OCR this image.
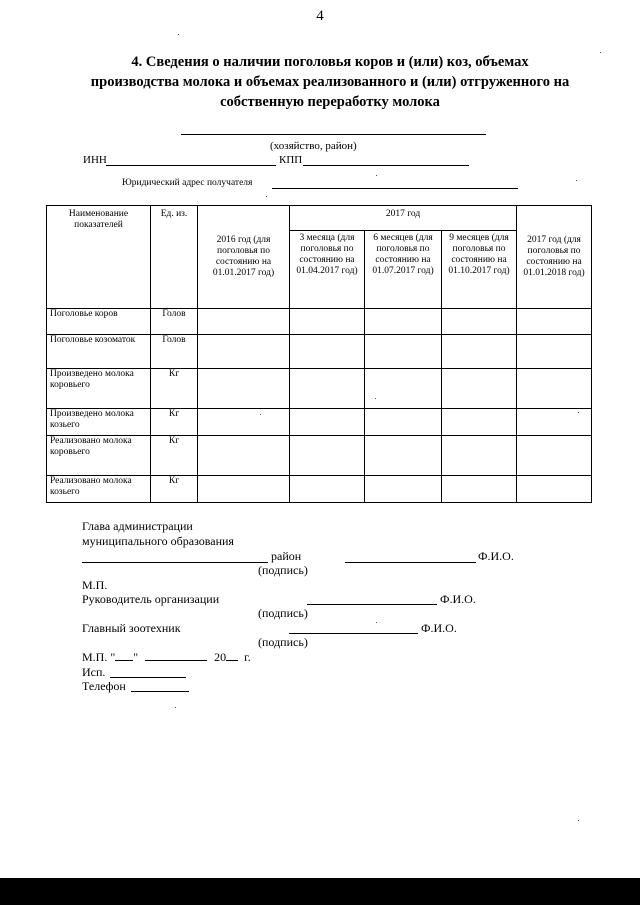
4
4. Сведения о наличии поголовья коров и (или) коз, объемах
производства молока и объемах реализованного и (или) отгруженного на
собственную переработку молока
(хозяйство, район)
ИНН	КПП
Юридический адрес получателя
Наименование показателей	Ед. из.	2016 год (для поголовья по состоянию на 01.01.2017 год)	2017 год			2017 год (для поголовья по состоянию на 01.01.2018 год)
			3 месяца (для поголовья по состоянию на 01.04.2017 год)	6 месяцев (для поголовья по состоянию на 01.07.2017 год)	9 месяцев (для поголовья по состоянию на 01.10.2017 год)	
Поголовье коров	Голов					
Поголовье козоматок	Голов					
Произведено молока коровьего	Кг					
Произведено молока козьего	Кг					
Реализовано молока коровьего	Кг					
Реализовано молока козьего	Кг					
Глава администрации
муниципального образования
район	Ф.И.О.
(подпись)
М.П.
Руководитель организации	Ф.И.О.
(подпись)
Главный зоотехник	Ф.И.О.
(подпись)
М.П. " "	20 г.
Исп.
Телефон
